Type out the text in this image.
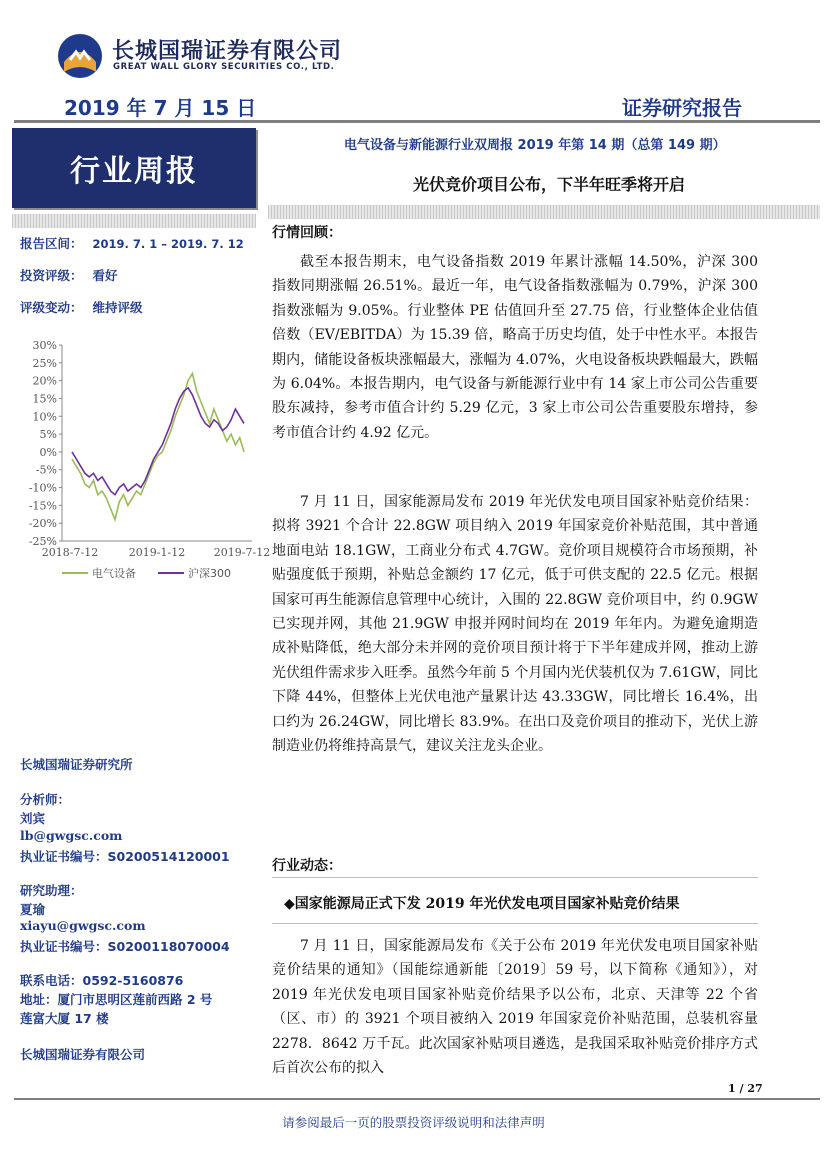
长城国瑞证券有限公司
GREAT WALL GLORY SECURITIES CO., LTD.
2019 年 7 月 15 日	证券研究报告
行业周报
电气设备与新能源行业双周报 2019 年第 14 期（总第 149 期）
光伏竞价项目公布，下半年旺季将开启
报告区间： 2019. 7. 1 – 2019. 7. 12
投资评级： 看好
评级变动： 维持评级
30%
25%
20%
15%
10%
5%
0%
-5%
-10%
-15%
-20%
-25%
2018-7-12	2019-1-12	2019-7-12
电气设备	沪深300
长城国瑞证券研究所
分析师：
刘宾
lb@gwgsc.com
执业证书编号：S0200514120001
研究助理：
夏瑜
xiayu@gwgsc.com
执业证书编号：S0200118070004
联系电话：0592-5160876
地址：厦门市思明区莲前西路 2 号
莲富大厦 17 楼
长城国瑞证券有限公司
行情回顾：
截至本报告期末，电气设备指数 2019 年累计涨幅 14.50%，沪深 300 指数同期涨幅 26.51%。最近一年，电气设备指数涨幅为 0.79%，沪深 300 指数涨幅为 9.05%。行业整体 PE 估值回升至 27.75 倍，行业整体企业估值倍数（EV/EBITDA）为 15.39 倍，略高于历史均值，处于中性水平。本报告期内，储能设备板块涨幅最大，涨幅为 4.07%，火电设备板块跌幅最大，跌幅为 6.04%。本报告期内，电气设备与新能源行业中有 14 家上市公司公告重要股东减持，参考市值合计约 5.29 亿元，3 家上市公司公告重要股东增持，参考市值合计约 4.92 亿元。
7 月 11 日，国家能源局发布 2019 年光伏发电项目国家补贴竞价结果：拟将 3921 个合计 22.8GW 项目纳入 2019 年国家竞价补贴范围，其中普通地面电站 18.1GW，工商业分布式 4.7GW。竞价项目规模符合市场预期，补贴强度低于预期，补贴总金额约 17 亿元，低于可供支配的 22.5 亿元。根据国家可再生能源信息管理中心统计，入围的 22.8GW 竞价项目中，约 0.9GW 已实现并网，其他 21.9GW 申报并网时间均在 2019 年年内。为避免逾期造成补贴降低，绝大部分未并网的竞价项目预计将于下半年建成并网，推动上游光伏组件需求步入旺季。虽然今年前 5 个月国内光伏装机仅为 7.61GW，同比下降 44%，但整体上光伏电池产量累计达 43.33GW，同比增长 16.4%，出口约为 26.24GW，同比增长 83.9%。在出口及竞价项目的推动下，光伏上游制造业仍将维持高景气，建议关注龙头企业。
行业动态：
◆国家能源局正式下发 2019 年光伏发电项目国家补贴竞价结果
7 月 11 日，国家能源局发布《关于公布 2019 年光伏发电项目国家补贴竞价结果的通知》（国能综通新能〔2019〕59 号，以下简称《通知》），对 2019 年光伏发电项目国家补贴竞价结果予以公布，北京、天津等 22 个省（区、市）的 3921 个项目被纳入 2019 年国家竞价补贴范围，总装机容量 2278．8642 万千瓦。此次国家补贴项目遴选，是我国采取补贴竞价排序方式后首次公布的拟入
1 / 27
请参阅最后一页的股票投资评级说明和法律声明
